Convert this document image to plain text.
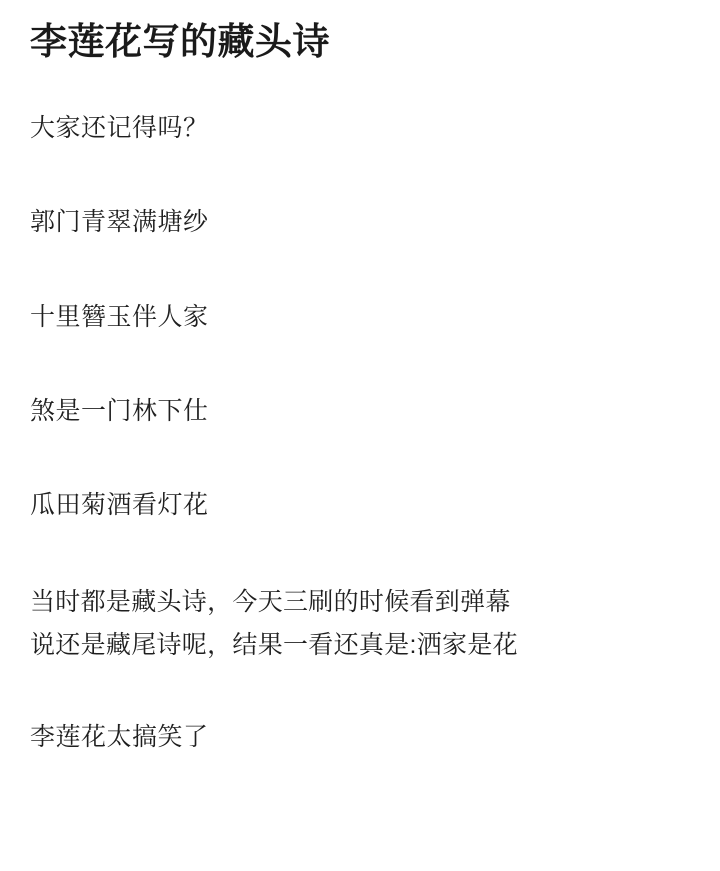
李莲花写的藏头诗

大家还记得吗？

郭门青翠满塘纱

十里簪玉伴人家

煞是一门林下仕

瓜田菊酒看灯花

当时都是藏头诗，今天三刷的时候看到弹幕
说还是藏尾诗呢，结果一看还真是:洒家是花

李莲花太搞笑了
